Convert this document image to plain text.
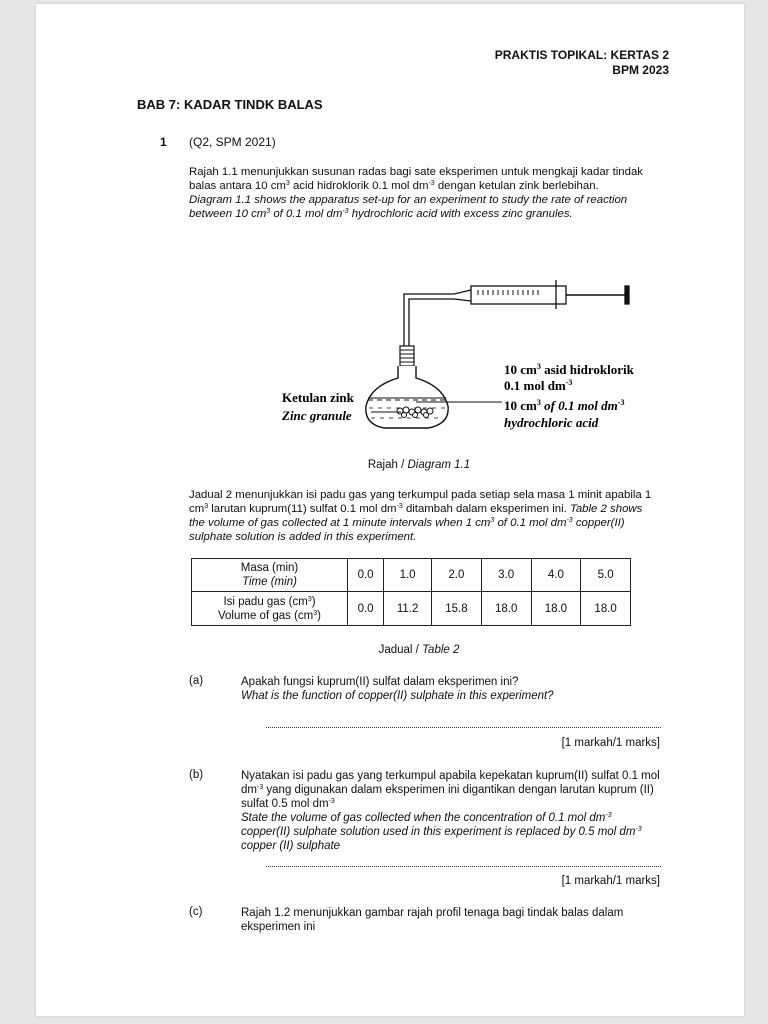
PRAKTIS TOPIKAL: KERTAS 2
BPM 2023
BAB 7: KADAR TINDK BALAS
1 (Q2, SPM 2021)
Rajah 1.1 menunjukkan susunan radas bagi sate eksperimen untuk mengkaji kadar tindak balas antara 10 $cm^3$ acid hidroklorik 0.1 mol $dm^{-3}$ dengan ketulan zink berlebihan.
Diagram 1.1 shows the apparatus set-up for an experiment to study the rate of reaction between 10 $cm^3$ of 0.1 mol $dm^{-3}$ hydrochloric acid with excess zinc granules.
Ketulan zink
Zinc granule
10 $cm^3$ asid hidroklorik
0.1 mol $dm^{-3}$
10 $cm^3$ of 0.1 mol $dm^{-3}$
hydrochloric acid
Rajah / Diagram 1.1
Jadual 2 menunjukkan isi padu gas yang terkumpul pada setiap sela masa 1 minit apabila 1 $cm^3$ larutan kuprum(11) sulfat 0.1 mol $dm^{-3}$ ditambah dalam eksperimen ini. Table 2 shows the volume of gas collected at 1 minute intervals when 1 $cm^3$ of 0.1 mol $dm^{-3}$ copper(II) sulphate solution is added in this experiment.
Masa (min)
Time (min)	0.0	1.0	2.0	3.0	4.0	5.0

Isi padu gas $(cm^3)$
Volume of gas $(cm^3)$	0.0	11.2	15.8	18.0	18.0	18.0
Jadual / Table 2
(a)	Apakah fungsi kuprum(II) sulfat dalam eksperimen ini?
What is the function of copper(II) sulphate in this experiment?
[1 markah/1 marks]
(b)	Nyatakan isi padu gas yang terkumpul apabila kepekatan kuprum(II) sulfat 0.1 mol $dm^{-3}$ yang digunakan dalam eksperimen ini digantikan dengan larutan kuprum (II) sulfat 0.5 mol $dm^{-3}$
State the volume of gas collected when the concentration of 0.1 mol $dm^{-3}$ copper(II) sulphate solution used in this experiment is replaced by 0.5 mol $dm^{-3}$ copper (II) sulphate
[1 markah/1 marks]
(c)	Rajah 1.2 menunjukkan gambar rajah profil tenaga bagi tindak balas dalam eksperimen ini
